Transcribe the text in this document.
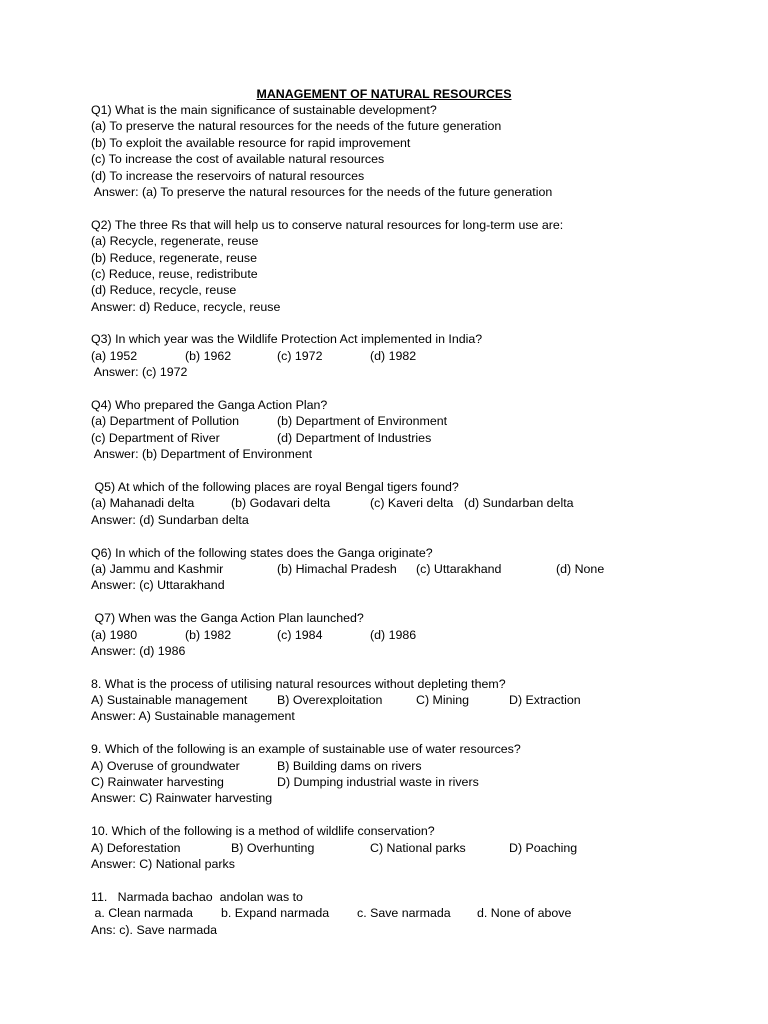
MANAGEMENT OF NATURAL RESOURCES
Q1) What is the main significance of sustainable development?
(a) To preserve the natural resources for the needs of the future generation
(b) To exploit the available resource for rapid improvement
(c) To increase the cost of available natural resources
(d) To increase the reservoirs of natural resources
Answer: (a) To preserve the natural resources for the needs of the future generation
Q2) The three Rs that will help us to conserve natural resources for long-term use are:
(a) Recycle, regenerate, reuse
(b) Reduce, regenerate, reuse
(c) Reduce, reuse, redistribute
(d) Reduce, recycle, reuse
Answer: d) Reduce, recycle, reuse
Q3) In which year was the Wildlife Protection Act implemented in India?

(a) 1952

	(b) 1962

	(c) 1972

	(d) 1982

Answer: (c) 1972
Q4) Who prepared the Ganga Action Plan?

(a) Department of Pollution

	(b) Department of Environment

(c) Department of River

	(d) Department of Industries

Answer: (b) Department of Environment
Q5) At which of the following places are royal Bengal tigers found?

(a) Mahanadi delta

	(b) Godavari delta

	(c) Kaveri delta

(d) Sundarban delta

Answer: (d) Sundarban delta
Q6) In which of the following states does the Ganga originate?

(a) Jammu and Kashmir

	(b) Himachal Pradesh

(c) Uttarakhand

	(d) None

Answer: (c) Uttarakhand
Q7) When was the Ganga Action Plan launched?

(a) 1980

	(b) 1982

	(c) 1984

	(d) 1986

Answer: (d) 1986
8. What is the process of utilising natural resources without depleting them?

A) Sustainable management

B) Overexploitation

	C) Mining

	D) Extraction

Answer: A) Sustainable management
9. Which of the following is an example of sustainable use of water resources?

A) Overuse of groundwater

	B) Building dams on rivers

C) Rainwater harvesting

	D) Dumping industrial waste in rivers

Answer: C) Rainwater harvesting
10. Which of the following is a method of wildlife conservation?

A) Deforestation

	B) Overhunting

	C) National parks

	D) Poaching

Answer: C) National parks
11.   Narmada bachao  andolan was to

a. Clean narmada

b. Expand narmada

c. Save narmada

d. None of above

Ans: c). Save narmada
